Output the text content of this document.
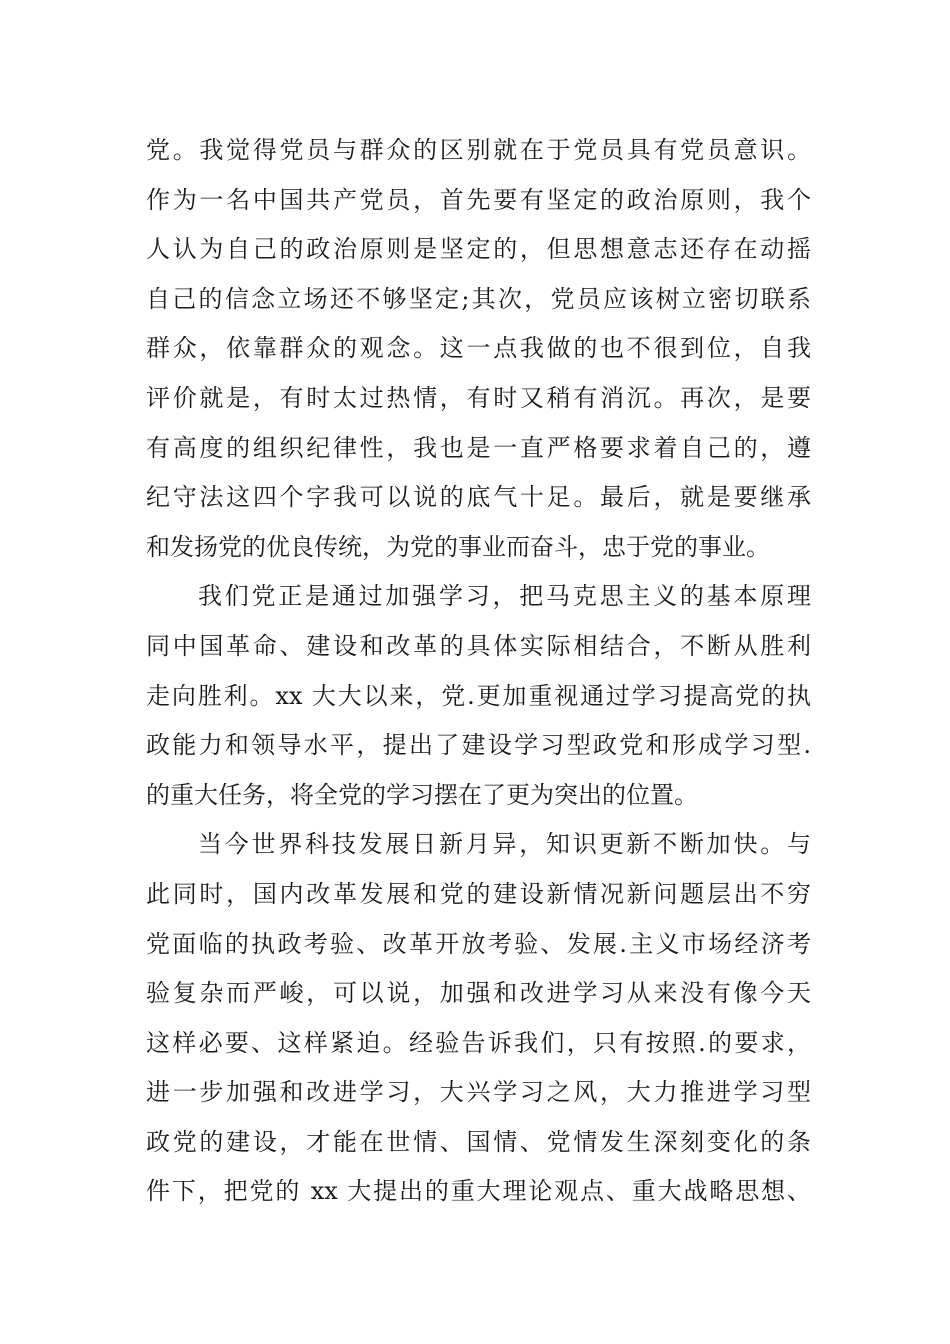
党。我觉得党员与群众的区别就在于党员具有党员意识。
作为一名中国共产党员，首先要有坚定的政治原则，我个
人认为自己的政治原则是坚定的，但思想意志还存在动摇
自己的信念立场还不够坚定;其次，党员应该树立密切联系
群众，依靠群众的观念。这一点我做的也不很到位，自我
评价就是，有时太过热情，有时又稍有消沉。再次，是要
有高度的组织纪律性，我也是一直严格要求着自己的，遵
纪守法这四个字我可以说的底气十足。最后，就是要继承
和发扬党的优良传统，为党的事业而奋斗，忠于党的事业。
我们党正是通过加强学习，把马克思主义的基本原理
同中国革命、建设和改革的具体实际相结合，不断从胜利
走向胜利。xx 大大以来，党.更加重视通过学习提高党的执
政能力和领导水平，提出了建设学习型政党和形成学习型.
的重大任务，将全党的学习摆在了更为突出的位置。
当今世界科技发展日新月异，知识更新不断加快。与
此同时，国内改革发展和党的建设新情况新问题层出不穷
党面临的执政考验、改革开放考验、发展.主义市场经济考
验复杂而严峻，可以说，加强和改进学习从来没有像今天
这样必要、这样紧迫。经验告诉我们，只有按照.的要求，
进一步加强和改进学习，大兴学习之风，大力推进学习型
政党的建设，才能在世情、国情、党情发生深刻变化的条
件下，把党的 xx 大提出的重大理论观点、重大战略思想、
